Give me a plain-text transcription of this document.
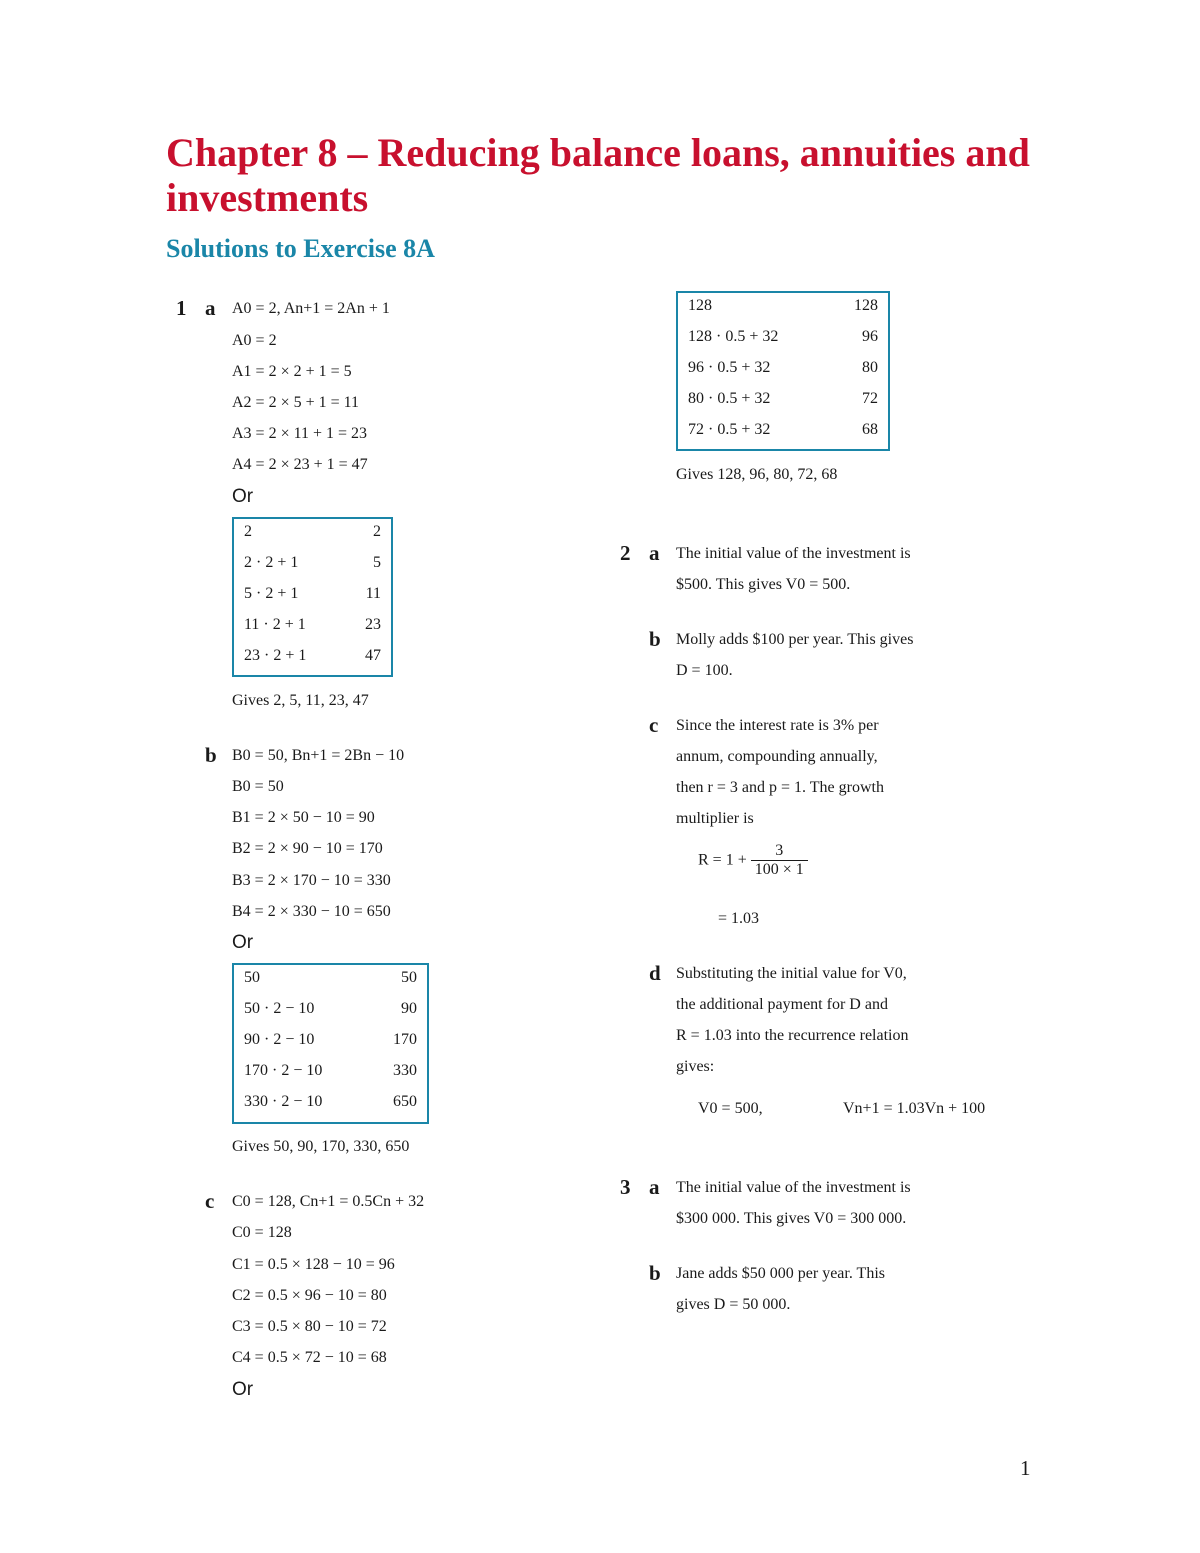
Chapter 8 – Reducing balance loans, annuities and investments
Solutions to Exercise 8A
1 a A0 = 2, An+1 = 2An + 1
A0 = 2
A1 = 2 × 2 + 1 = 5
A2 = 2 × 5 + 1 = 11
A3 = 2 × 11 + 1 = 23
A4 = 2 × 23 + 1 = 47
Or
2	2
2 · 2 + 1	5
5 · 2 + 1	11
11 · 2 + 1	23
23 · 2 + 1	47
Gives 2, 5, 11, 23, 47
b B0 = 50, Bn+1 = 2Bn − 10
B0 = 50
B1 = 2 × 50 − 10 = 90
B2 = 2 × 90 − 10 = 170
B3 = 2 × 170 − 10 = 330
B4 = 2 × 330 − 10 = 650
Or
50	50
50 · 2 − 10	90
90 · 2 − 10	170
170 · 2 − 10	330
330 · 2 − 10	650
Gives 50, 90, 170, 330, 650
c C0 = 128, Cn+1 = 0.5Cn + 32
C0 = 128
C1 = 0.5 × 128 − 10 = 96
C2 = 0.5 × 96 − 10 = 80
C3 = 0.5 × 80 − 10 = 72
C4 = 0.5 × 72 − 10 = 68
Or
128	128
128 · 0.5 + 32	96
96 · 0.5 + 32	80
80 · 0.5 + 32	72
72 · 0.5 + 32	68
Gives 128, 96, 80, 72, 68
2 a The initial value of the investment is
$500. This gives V0 = 500.
b Molly adds $100 per year. This gives
D = 100.
c Since the interest rate is 3% per
annum, compounding annually,
then r = 3 and p = 1. The growth
multiplier is
$R = 1 + \frac{3}{100 \times 1}$
= 1.03
d Substituting the initial value for V0,
the additional payment for D and
R = 1.03 into the recurrence relation
gives:
V0 = 500,	Vn+1 = 1.03Vn + 100
3 a The initial value of the investment is
$300 000. This gives V0 = 300 000.
b Jane adds $50 000 per year. This
gives D = 50 000.
1
